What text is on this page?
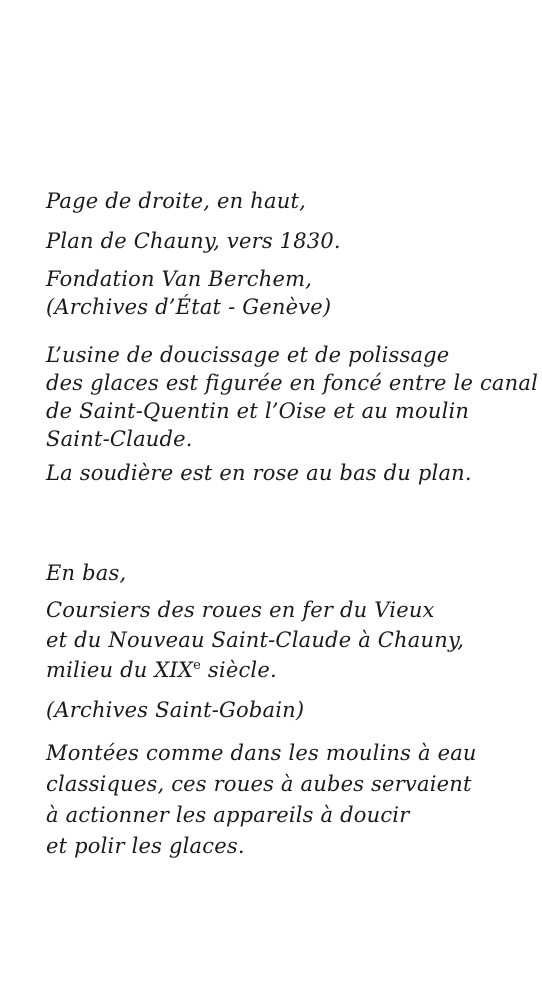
Page de droite, en haut,
Plan de Chauny, vers 1830.
Fondation Van Berchem,
(Archives d’État - Genève)
L’usine de doucissage et de polissage
des glaces est figurée en foncé entre le canal
de Saint-Quentin et l’Oise et au moulin
Saint-Claude.
La soudière est en rose au bas du plan.
En bas,
Coursiers des roues en fer du Vieux
et du Nouveau Saint-Claude à Chauny,
milieu du XIXe siècle.
(Archives Saint-Gobain)
Montées comme dans les moulins à eau
classiques, ces roues à aubes servaient
à actionner les appareils à doucir
et polir les glaces.
